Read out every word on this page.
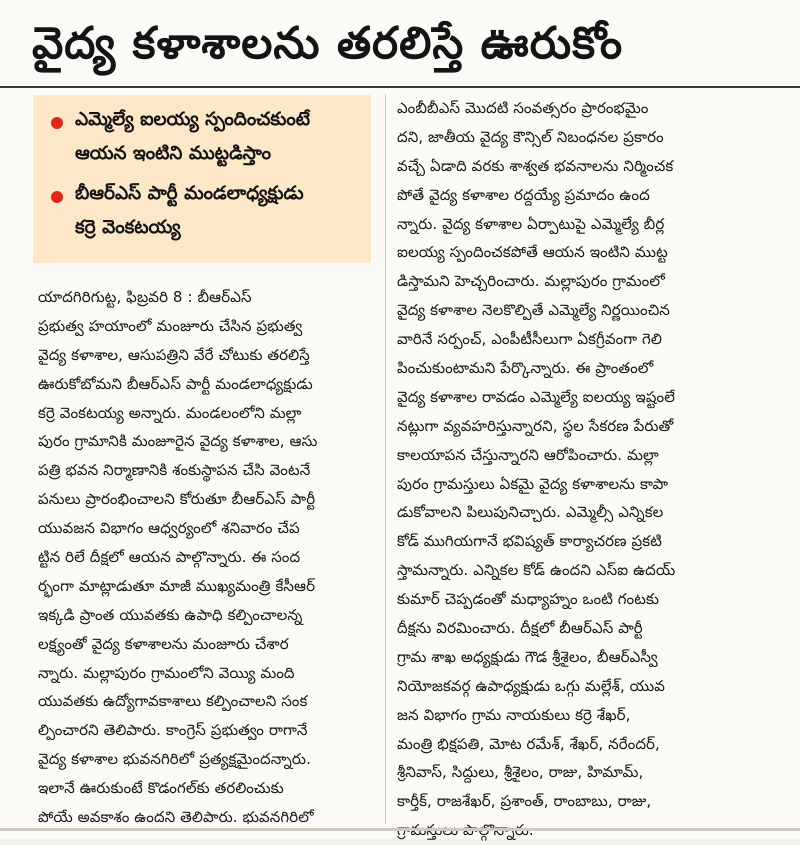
వైద్య కళాశాలను తరలిస్తే ఊరుకోం
ఎమ్మెల్యే ఐలయ్య స్పందించకుంటే
ఆయన ఇంటిని ముట్టడిస్తాం
బీఆర్ఎస్ పార్టీ మండలాధ్యక్షుడు
కర్రె వెంకటయ్య
యాదగిరిగుట్ట, ఫిబ్రవరి 8 : బీఆర్ఎస్
ప్రభుత్వ హయాంలో మంజూరు చేసిన ప్రభుత్వ
వైద్య కళాశాల, ఆసుపత్రిని వేరే చోటుకు తరలిస్తే
ఊరుకోబోమని బీఆర్ఎస్ పార్టీ మండలాధ్యక్షుడు
కర్రె వెంకటయ్య అన్నారు. మండలంలోని మల్లా
పురం గ్రామానికి మంజూరైన వైద్య కళాశాల, ఆసు
పత్రి భవన నిర్మాణానికి శంకుస్థాపన చేసి వెంటనే
పనులు ప్రారంభించాలని కోరుతూ బీఆర్ఎస్ పార్టీ
యువజన విభాగం ఆధ్వర్యంలో శనివారం చేప
ట్టిన రిలే దీక్షలో ఆయన పాల్గొన్నారు. ఈ సంద
ర్భంగా మాట్లాడుతూ మాజీ ముఖ్యమంత్రి కేసీఆర్
ఇక్కడి ప్రాంత యువతకు ఉపాధి కల్పించాలన్న
లక్ష్యంతో వైద్య కళాశాలను మంజూరు చేశార
న్నారు. మల్లాపురం గ్రామంలోని వెయ్యి మంది
యువతకు ఉద్యోగావకాశాలు కల్పించాలని సంక
ల్పించారని తెలిపారు. కాంగ్రెస్ ప్రభుత్వం రాగానే
వైద్య కళాశాల భువనగిరిలో ప్రత్యక్షమైందన్నారు.
ఇలానే ఊరుకుంటే కొడంగల్‌కు తరలించుకు
పోయే అవకాశం ఉందని తెలిపారు. భువనగిరిలో
ఎంబీబీఎస్ మొదటి సంవత్సరం ప్రారంభమైం
దని, జాతీయ వైద్య కౌన్సిల్ నిబంధనల ప్రకారం
వచ్చే ఏడాది వరకు శాశ్వత భవనాలను నిర్మించక
పోతే వైద్య కళాశాల రద్దయ్యే ప్రమాదం ఉంద
న్నారు. వైద్య కళాశాల ఏర్పాటుపై ఎమ్మెల్యే బీర్ల
ఐలయ్య స్పందించకపోతే ఆయన ఇంటిని ముట్ట
డిస్తామని హెచ్చరించారు. మల్లాపురం గ్రామంలో
వైద్య కళాశాల నెలకొల్పితే ఎమ్మెల్యే నిర్ణయించిన
వారినే సర్పంచ్, ఎంపీటీసీలుగా ఏకగ్రీవంగా గెలి
పించుకుంటామని పేర్కొన్నారు. ఈ ప్రాంతంలో
వైద్య కళాశాల రావడం ఎమ్మెల్యే ఐలయ్య ఇష్టంలే
నట్లుగా వ్యవహరిస్తున్నారని, స్థల సేకరణ పేరుతో
కాలయాపన చేస్తున్నారని ఆరోపించారు. మల్లా
పురం గ్రామస్తులు ఏకమై వైద్య కళాశాలను కాపా
డుకోవాలని పిలుపునిచ్చారు. ఎమ్మెల్సీ ఎన్నికల
కోడ్ ముగియగానే భవిష్యత్ కార్యాచరణ ప్రకటి
స్తామన్నారు. ఎన్నికల కోడ్ ఉందని ఎస్ఐ ఉదయ్
కుమార్ చెప్పడంతో మధ్యాహ్నం ఒంటి గంటకు
దీక్షను విరమించారు. దీక్షలో బీఆర్ఎస్ పార్టీ
గ్రామ శాఖ అధ్యక్షుడు గౌడ శ్రీశైలం, బీఆర్ఎస్వీ
నియోజకవర్గ ఉపాధ్యక్షుడు ఒగ్గు మల్లేశ్, యువ
జన విభాగం గ్రామ నాయకులు కర్రె శేఖర్,
మంత్రి భిక్షపతి, మోట రమేశ్, శేఖర్, నరేందర్,
శ్రీనివాస్, సిద్దులు, శ్రీశైలం, రాజు, హిమామ్,
కార్తీక్, రాజశేఖర్, ప్రశాంత్, రాంబాబు, రాజు,
